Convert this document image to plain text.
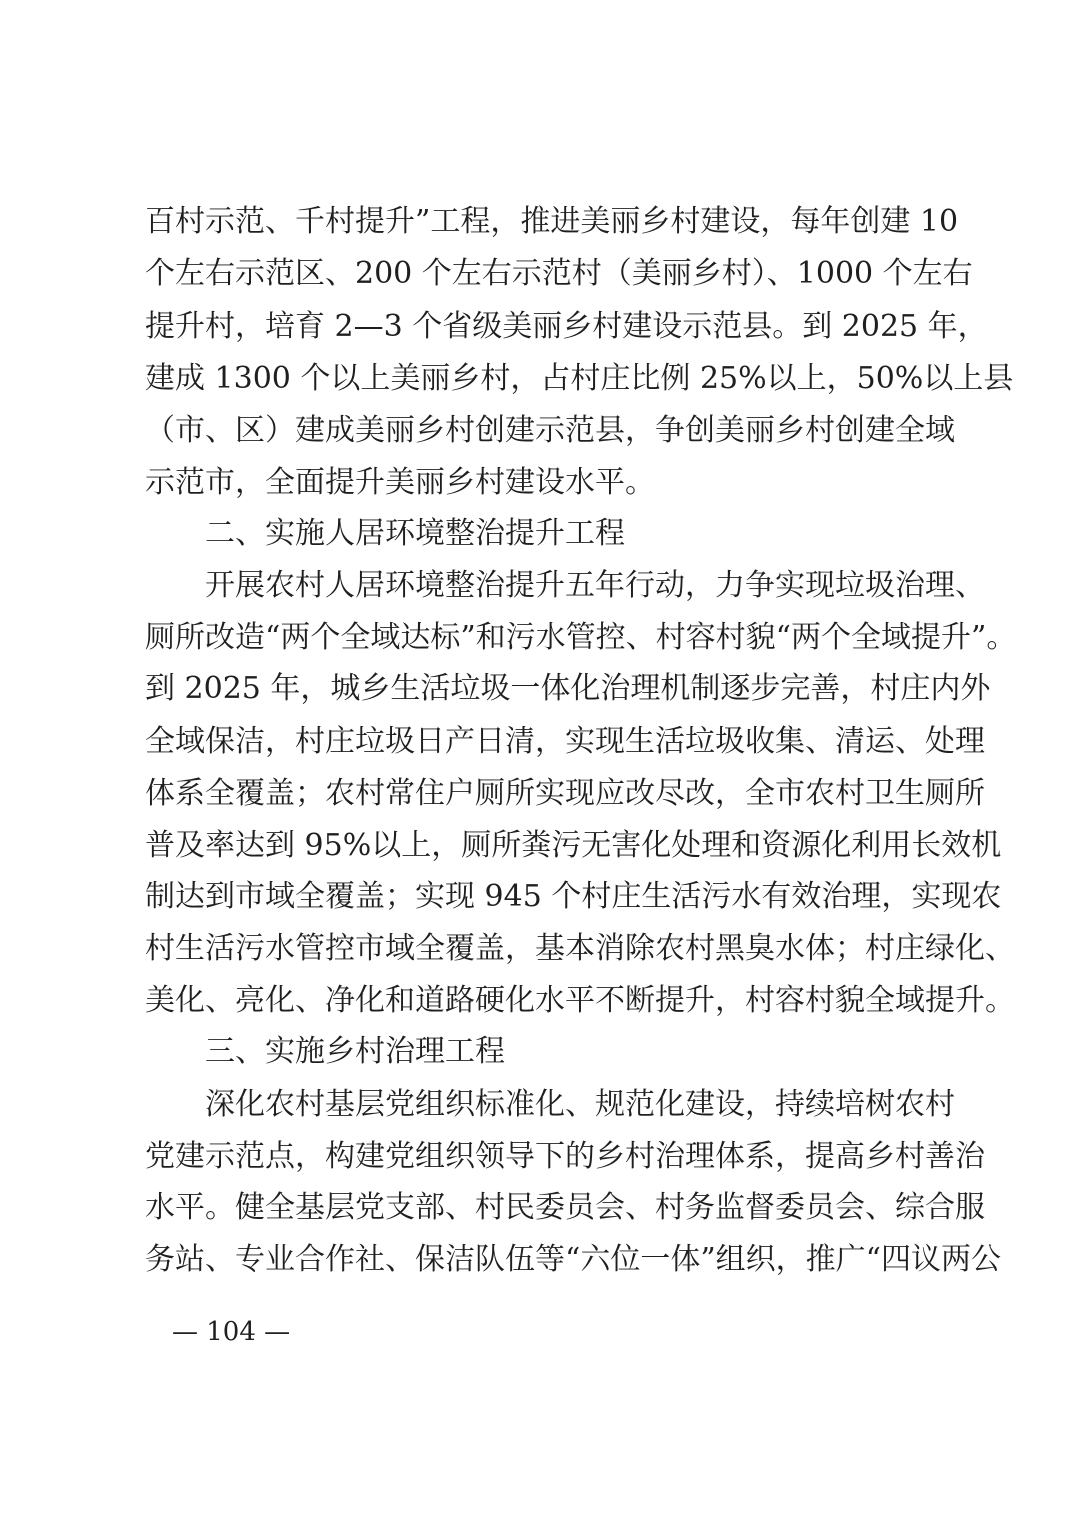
百村示范、千村提升”工程，推进美丽乡村建设，每年创建 10
个左右示范区、200 个左右示范村（美丽乡村）、1000 个左右
提升村，培育 2—3 个省级美丽乡村建设示范县。到 2025 年，
建成 1300 个以上美丽乡村，占村庄比例 25%以上，50%以上县
（市、区）建成美丽乡村创建示范县，争创美丽乡村创建全域
示范市，全面提升美丽乡村建设水平。
二、实施人居环境整治提升工程
开展农村人居环境整治提升五年行动，力争实现垃圾治理、
厕所改造“两个全域达标”和污水管控、村容村貌“两个全域提升”。
到 2025 年，城乡生活垃圾一体化治理机制逐步完善，村庄内外
全域保洁，村庄垃圾日产日清，实现生活垃圾收集、清运、处理
体系全覆盖；农村常住户厕所实现应改尽改，全市农村卫生厕所
普及率达到 95%以上，厕所粪污无害化处理和资源化利用长效机
制达到市域全覆盖；实现 945 个村庄生活污水有效治理，实现农
村生活污水管控市域全覆盖，基本消除农村黑臭水体；村庄绿化、
美化、亮化、净化和道路硬化水平不断提升，村容村貌全域提升。
三、实施乡村治理工程
深化农村基层党组织标准化、规范化建设，持续培树农村
党建示范点，构建党组织领导下的乡村治理体系，提高乡村善治
水平。健全基层党支部、村民委员会、村务监督委员会、综合服
务站、专业合作社、保洁队伍等“六位一体”组织，推广“四议两公
— 104 —
